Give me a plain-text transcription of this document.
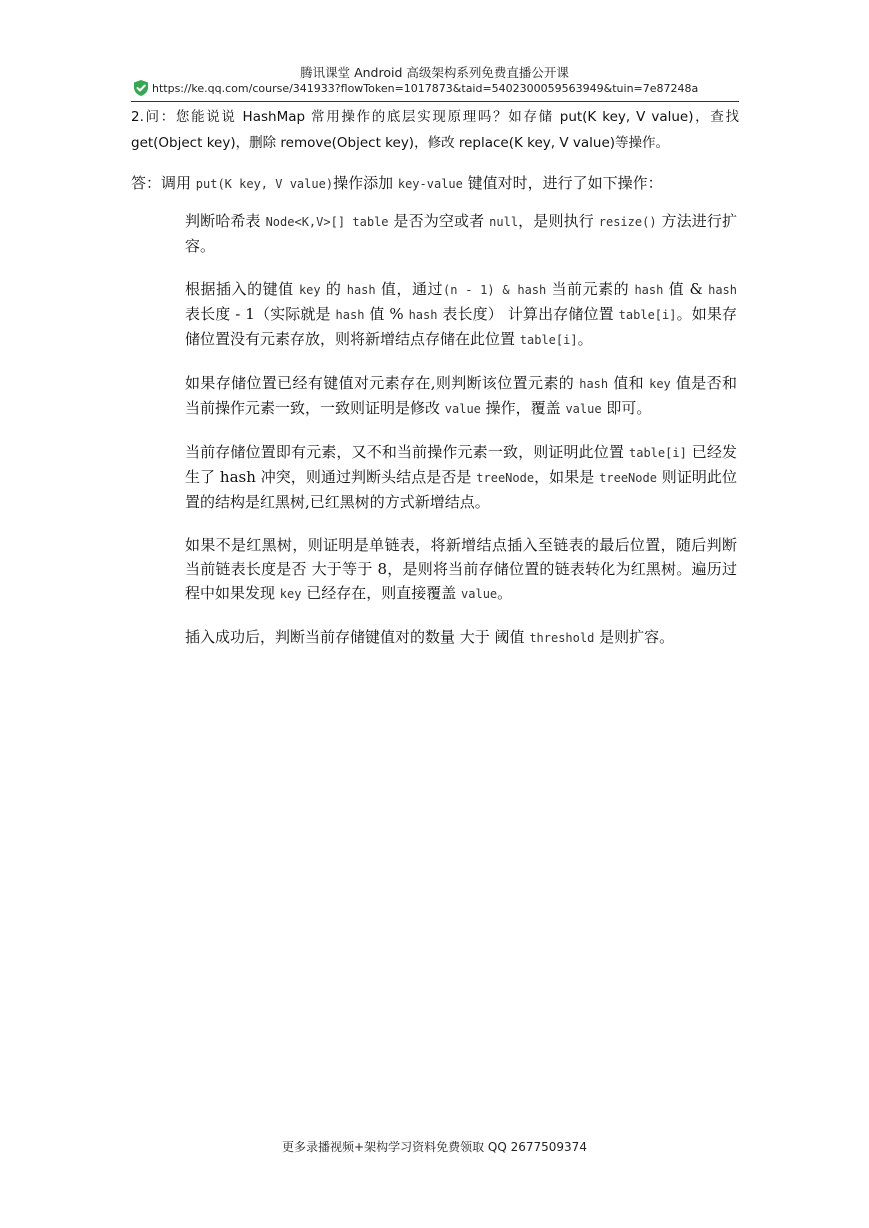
腾讯课堂 Android 高级架构系列免费直播公开课
https://ke.qq.com/course/341933?flowToken=1017873&taid=5402300059563949&tuin=7e87248a
2.问：您能说说 HashMap 常用操作的底层实现原理吗？如存储 put(K key, V value)，查找 get(Object key)，删除 remove(Object key)，修改 replace(K key, V value)等操作。
答：调用 put(K key, V value)操作添加 key-value 键值对时，进行了如下操作：

判断哈希表 Node<K,V>[] table 是否为空或者 null，是则执行 resize() 方法进行扩容。

根据插入的键值 key 的 hash 值，通过(n - 1) & hash 当前元素的 hash 值 & hash 表长度 - 1（实际就是 hash 值 % hash 表长度） 计算出存储位置 table[i]。如果存储位置没有元素存放，则将新增结点存储在此位置 table[i]。

如果存储位置已经有键值对元素存在,则判断该位置元素的 hash 值和 key 值是否和当前操作元素一致，一致则证明是修改 value 操作，覆盖 value 即可。

当前存储位置即有元素，又不和当前操作元素一致，则证明此位置 table[i] 已经发生了 hash 冲突，则通过判断头结点是否是 treeNode，如果是 treeNode 则证明此位置的结构是红黑树,已红黑树的方式新增结点。

如果不是红黑树，则证明是单链表，将新增结点插入至链表的最后位置，随后判断当前链表长度是否 大于等于 8，是则将当前存储位置的链表转化为红黑树。遍历过程中如果发现 key 已经存在，则直接覆盖 value。

插入成功后，判断当前存储键值对的数量 大于 阈值 threshold 是则扩容。

更多录播视频+架构学习资料免费领取 QQ 2677509374
